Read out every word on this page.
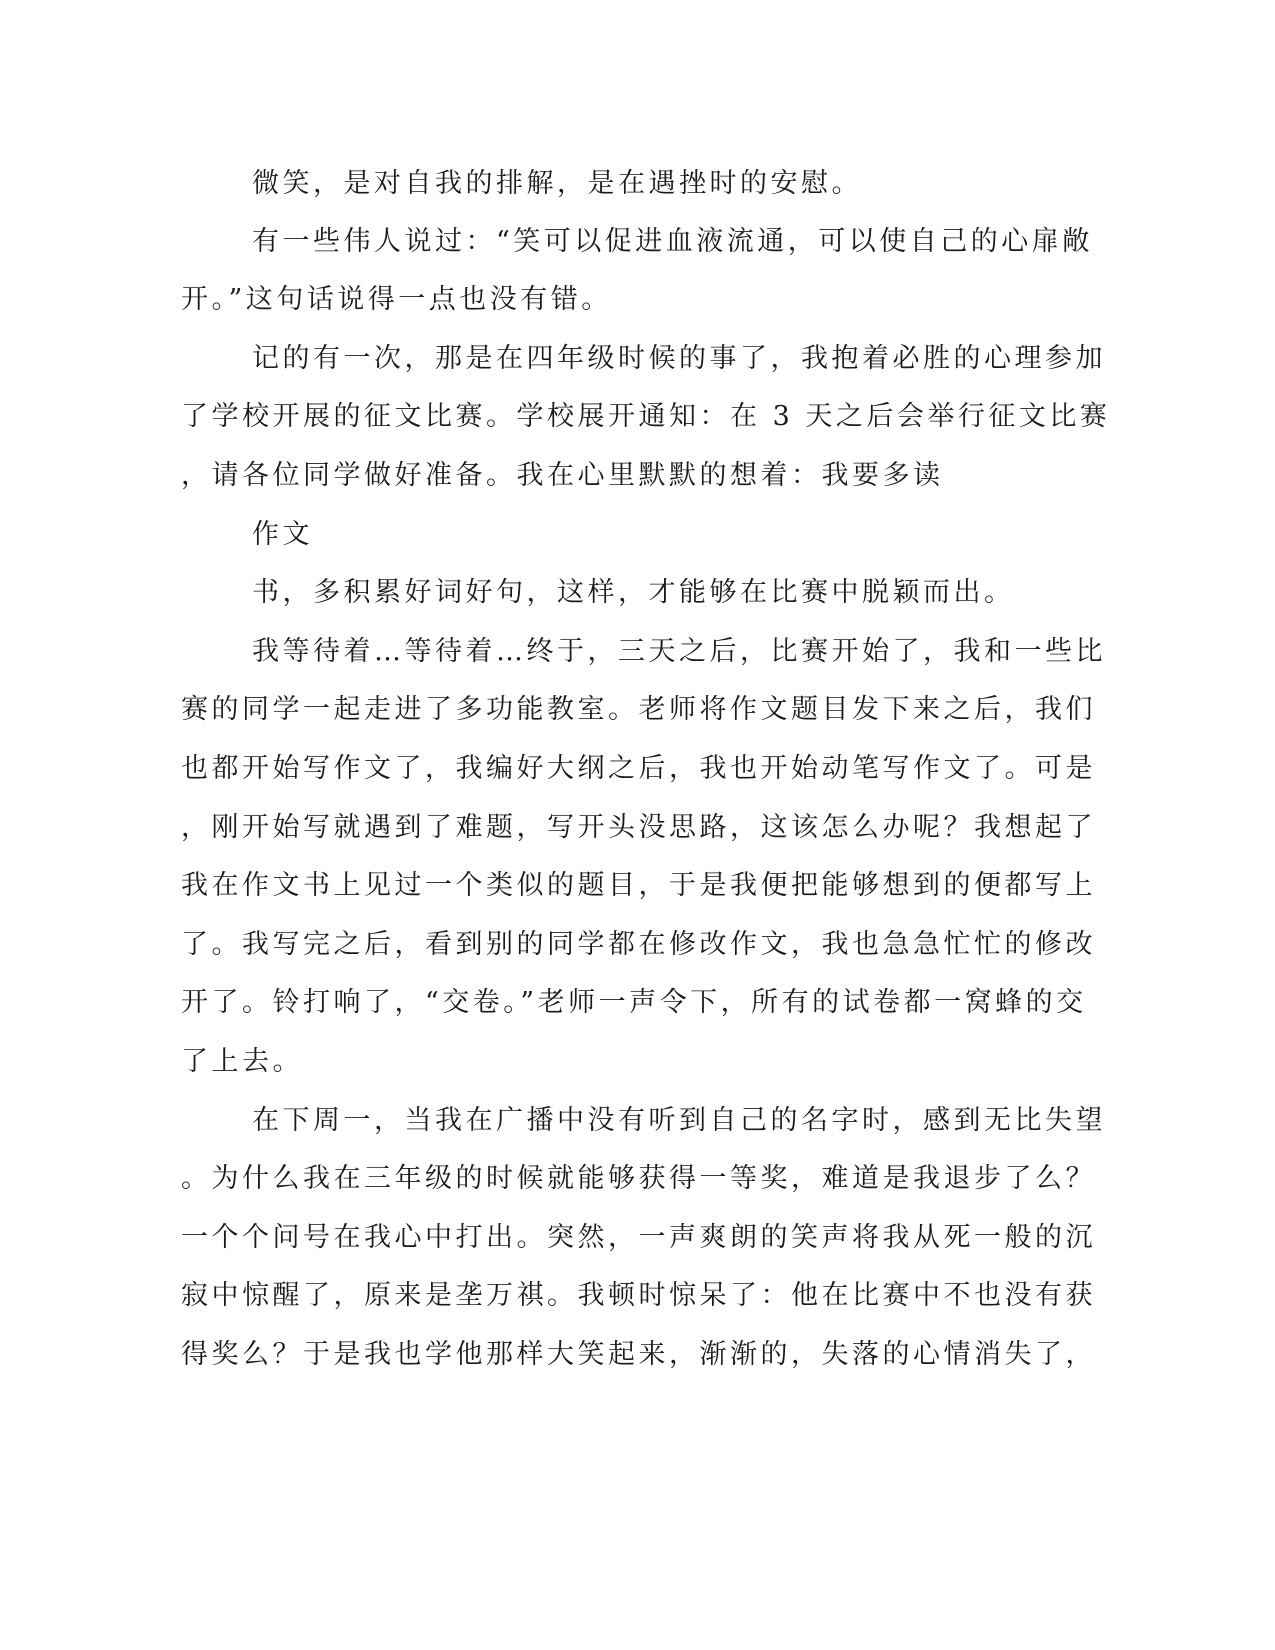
微笑，是对自我的排解，是在遇挫时的安慰。
有一些伟人说过：“笑可以促进血液流通，可以使自己的心扉敞
开。”这句话说得一点也没有错。
记的有一次，那是在四年级时候的事了，我抱着必胜的心理参加
了学校开展的征文比赛。学校展开通知：在 3 天之后会举行征文比赛
，请各位同学做好准备。我在心里默默的想着：我要多读
作文
书，多积累好词好句，这样，才能够在比赛中脱颖而出。
我等待着…等待着…终于，三天之后，比赛开始了，我和一些比
赛的同学一起走进了多功能教室。老师将作文题目发下来之后，我们
也都开始写作文了，我编好大纲之后，我也开始动笔写作文了。可是
，刚开始写就遇到了难题，写开头没思路，这该怎么办呢？我想起了
我在作文书上见过一个类似的题目，于是我便把能够想到的便都写上
了。我写完之后，看到别的同学都在修改作文，我也急急忙忙的修改
开了。铃打响了，“交卷。”老师一声令下，所有的试卷都一窝蜂的交
了上去。
在下周一，当我在广播中没有听到自己的名字时，感到无比失望
。为什么我在三年级的时候就能够获得一等奖，难道是我退步了么？
一个个问号在我心中打出。突然，一声爽朗的笑声将我从死一般的沉
寂中惊醒了，原来是垄万祺。我顿时惊呆了：他在比赛中不也没有获
得奖么？于是我也学他那样大笑起来，渐渐的，失落的心情消失了，
